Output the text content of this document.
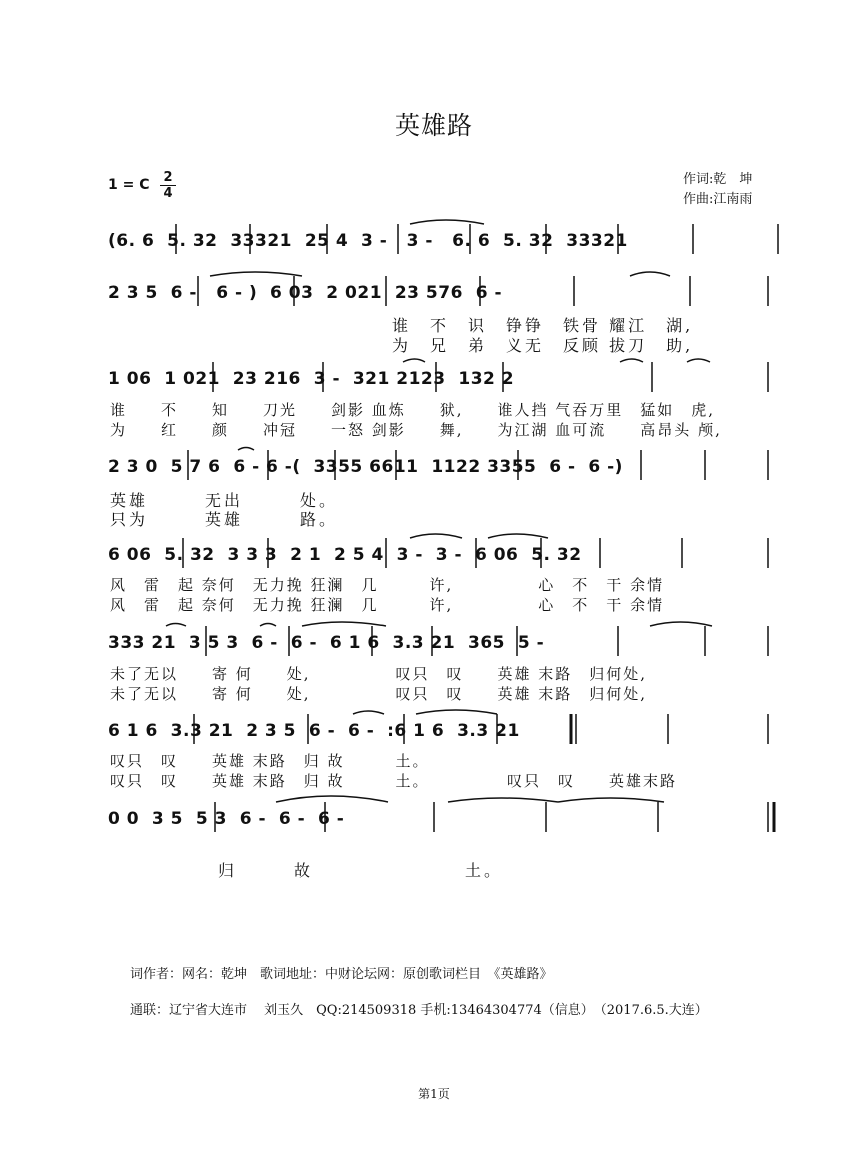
英雄路
1 = C $\frac{2}{4}$	作词:乾　坤
作曲:江南雨
(6. 6  5. 32  33321  25 4  3 -   3 -   6. 6  5. 32  33321
2 3 5  6 -   6 - )  6 03  2 021  23 576  6 -
谁　不　识　铮铮　铁骨 耀江　湖,
为　兄　弟　义无　反顾 拔刀　助,
1 06  1 021  23 216  3 -  321 2123  132 2
谁　　不　　知　　刀光　　剑影 血炼　　狱,　　谁人挡 气吞万里　猛如　虎,
为　　红　　颜　　冲冠　　一怒 剑影　　舞,　　为江湖 血可流　　高昂头 颅,
2 3 0  5 7 6  6 - 6 -(  3355 6611  1122 3355  6 -  6 -)
英雄　　　无出　　　处。
只为　　　英雄　　　路。
6 06  5. 32  3 3 3  2 1  2 5 4  3 -  3 -  6 06  5. 32
风　雷　起 奈何　无力挽 狂澜　几　　　许,　　　　　心　不　干 余情
风　雷　起 奈何　无力挽 狂澜　几　　　许,　　　　　心　不　干 余情
333 21  3 5 3  6 -  6 -  6 1 6  3.3 21  365  5 -
未了无以　　寄 何　　处,　　　　　叹只　叹　　英雄 末路　归何处,
未了无以　　寄 何　　处,　　　　　叹只　叹　　英雄 末路　归何处,
6 1 6  3.3 21  2 3 5  6 -  6 -  :6 1 6  3.3 21
叹只　叹　　英雄 末路　归 故　　　土。
叹只　叹　　英雄 末路　归 故　　　土。　　　　　叹只　叹　　英雄末路
0 0  3 5  5 3  6 -  6 -  6 -
归　　　故　　　　　　　　土。
词作者：网名：乾坤　歌词地址：中财论坛网：原创歌词栏目　《英雄路》
通联：辽宁省大连市　 刘玉久　QQ:214509318 手机:13464304774（信息）　（2017.6.5.大连）
第1页
